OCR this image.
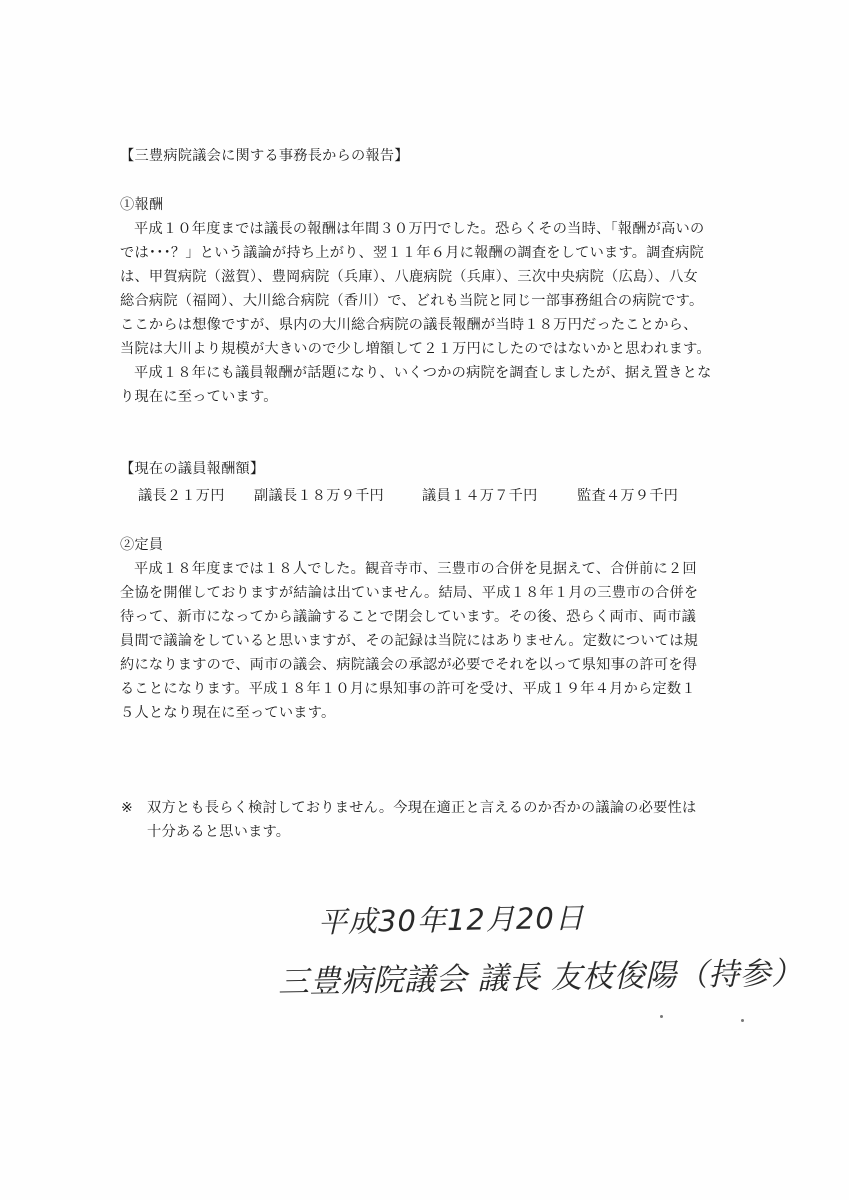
【三豊病院議会に関する事務長からの報告】
①報酬
平成１０年度までは議長の報酬は年間３０万円でした。恐らくその当時、「報酬が高いの
では･･･？」という議論が持ち上がり、翌１１年６月に報酬の調査をしています。調査病院
は、甲賀病院（滋賀）、豊岡病院（兵庫）、八鹿病院（兵庫）、三次中央病院（広島）、八女
総合病院（福岡）、大川総合病院（香川）で、どれも当院と同じ一部事務組合の病院です。
ここからは想像ですが、県内の大川総合病院の議長報酬が当時１８万円だったことから、
当院は大川より規模が大きいので少し増額して２１万円にしたのではないかと思われます。
平成１８年にも議員報酬が話題になり、いくつかの病院を調査しましたが、据え置きとな
り現在に至っています。
【現在の議員報酬額】
議長２１万円 副議長１８万９千円	議員１４万７千円	監査４万９千円
②定員
平成１８年度までは１８人でした。観音寺市、三豊市の合併を見据えて、合併前に２回
全協を開催しておりますが結論は出ていません。結局、平成１８年１月の三豊市の合併を
待って、新市になってから議論することで閉会しています。その後、恐らく両市、両市議
員間で議論をしていると思いますが、その記録は当院にはありません。定数については規
約になりますので、両市の議会、病院議会の承認が必要でそれを以って県知事の許可を得
ることになります。平成１８年１０月に県知事の許可を受け、平成１９年４月から定数１
５人となり現在に至っています。
※ 双方とも長らく検討しておりません。今現在適正と言えるのか否かの議論の必要性は
十分あると思います。
平成30年12月20日
三豊病院議会 議長 友枝俊陽（持参）
